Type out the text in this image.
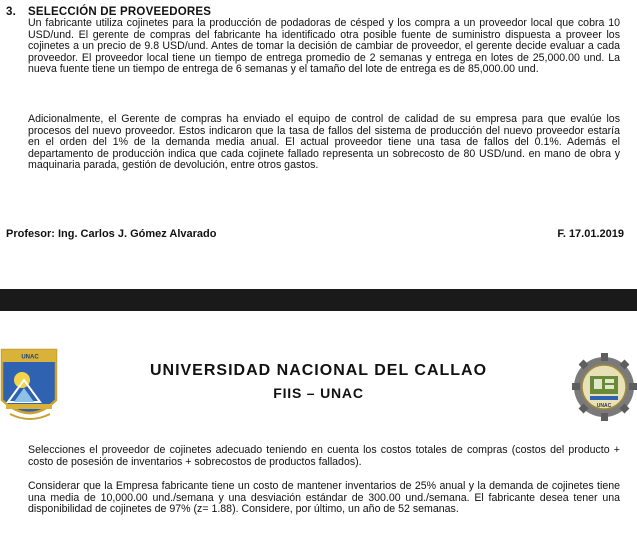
3. SELECCIÓN DE PROVEEDORES

Un fabricante utiliza cojinetes para la producción de podadoras de césped y los compra a un proveedor local que cobra 10 USD/und. El gerente de compras del fabricante ha identificado otra posible fuente de suministro dispuesta a proveer los cojinetes a un precio de 9.8 USD/und. Antes de tomar la decisión de cambiar de proveedor, el gerente decide evaluar a cada proveedor. El proveedor local tiene un tiempo de entrega promedio de 2 semanas y entrega en lotes de 25,000.00 und. La nueva fuente tiene un tiempo de entrega de 6 semanas y el tamaño del lote de entrega es de 85,000.00 und.

Adicionalmente, el Gerente de compras ha enviado el equipo de control de calidad de su empresa para que evalúe los procesos del nuevo proveedor. Estos indicaron que la tasa de fallos del sistema de producción del nuevo proveedor estaría en el orden del 1% de la demanda media anual. El actual proveedor tiene una tasa de fallos del 0.1%. Además el departamento de producción indica que cada cojinete fallado representa un sobrecosto de 80 USD/und. en mano de obra y maquinaria parada, gestión de devolución, entre otros gastos.

Profesor: Ing. Carlos J. Gómez Alvarado	F. 17.01.2019
UNAC
UNIVERSIDAD NACIONAL DEL CALLAO
FIIS – UNAC
UNAC

Selecciones el proveedor de cojinetes adecuado teniendo en cuenta los costos totales de compras (costos del producto + costo de posesión de inventarios + sobrecostos de productos fallados).

Considerar que la Empresa fabricante tiene un costo de mantener inventarios de 25% anual y la demanda de cojinetes tiene una media de 10,000.00 und./semana y una desviación estándar de 300.00 und./semana. El fabricante desea tener una disponibilidad de cojinetes de 97% (z= 1.88). Considere, por último, un año de 52 semanas.
